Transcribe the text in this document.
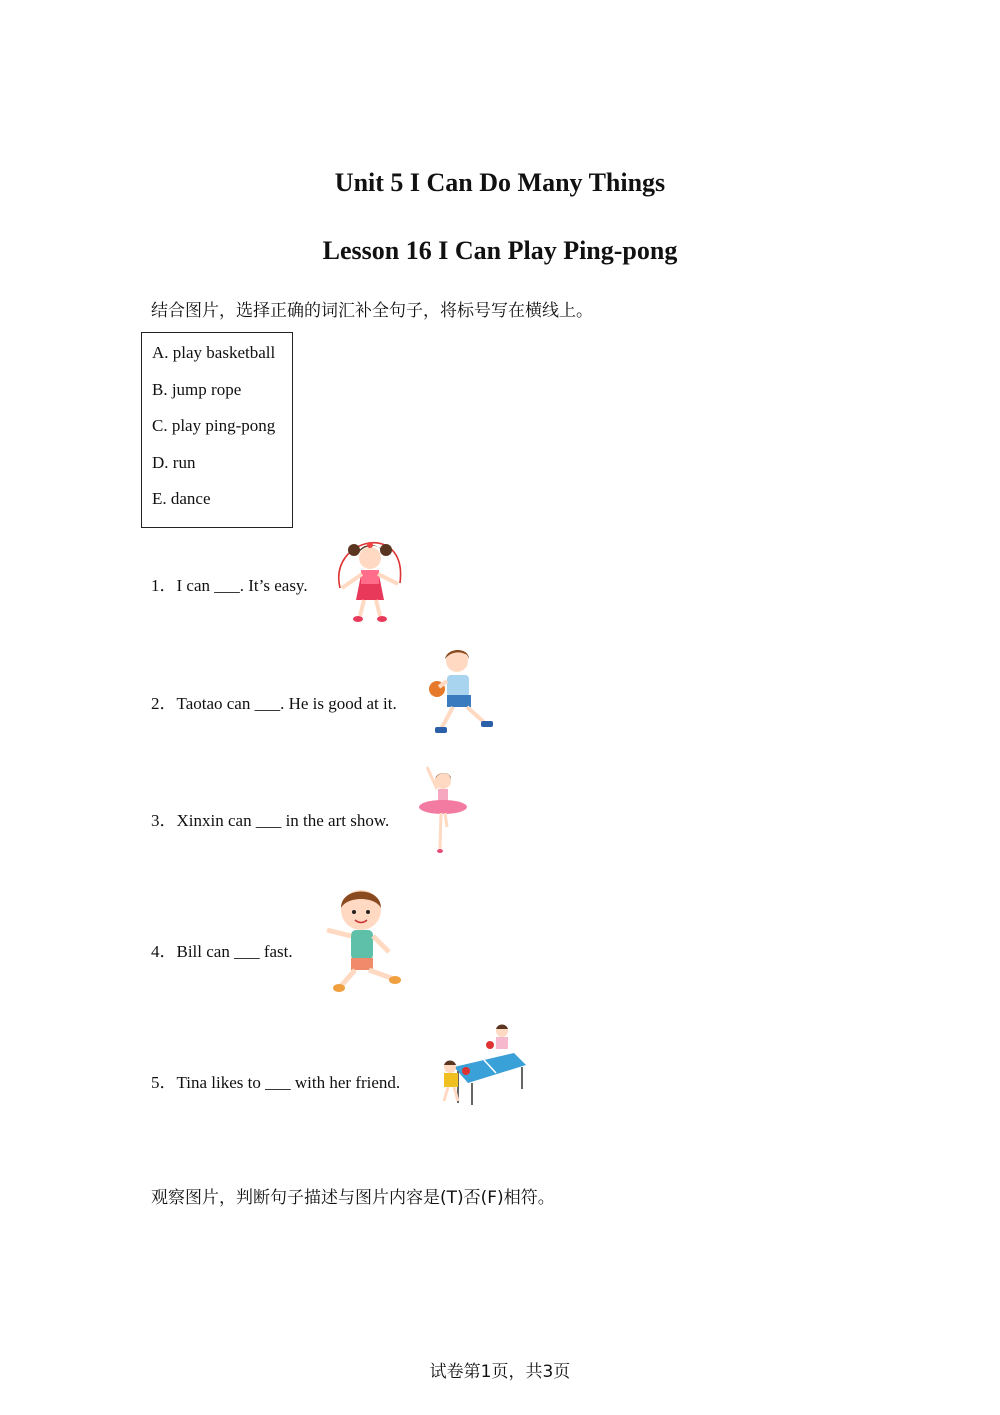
Unit 5 I Can Do Many Things
Lesson 16 I Can Play Ping-pong
结合图片，选择正确的词汇补全句子，将标号写在横线上。
A. play basketball
B. jump rope
C. play ping-pong
D. run
E. dance
1．I can ___. It’s easy.
2．Taotao can ___. He is good at it.
3．Xinxin can ___ in the art show.
4．Bill can ___ fast.
5．Tina likes to ___ with her friend.
观察图片，判断句子描述与图片内容是(T)否(F)相符。
试卷第1页，共3页
